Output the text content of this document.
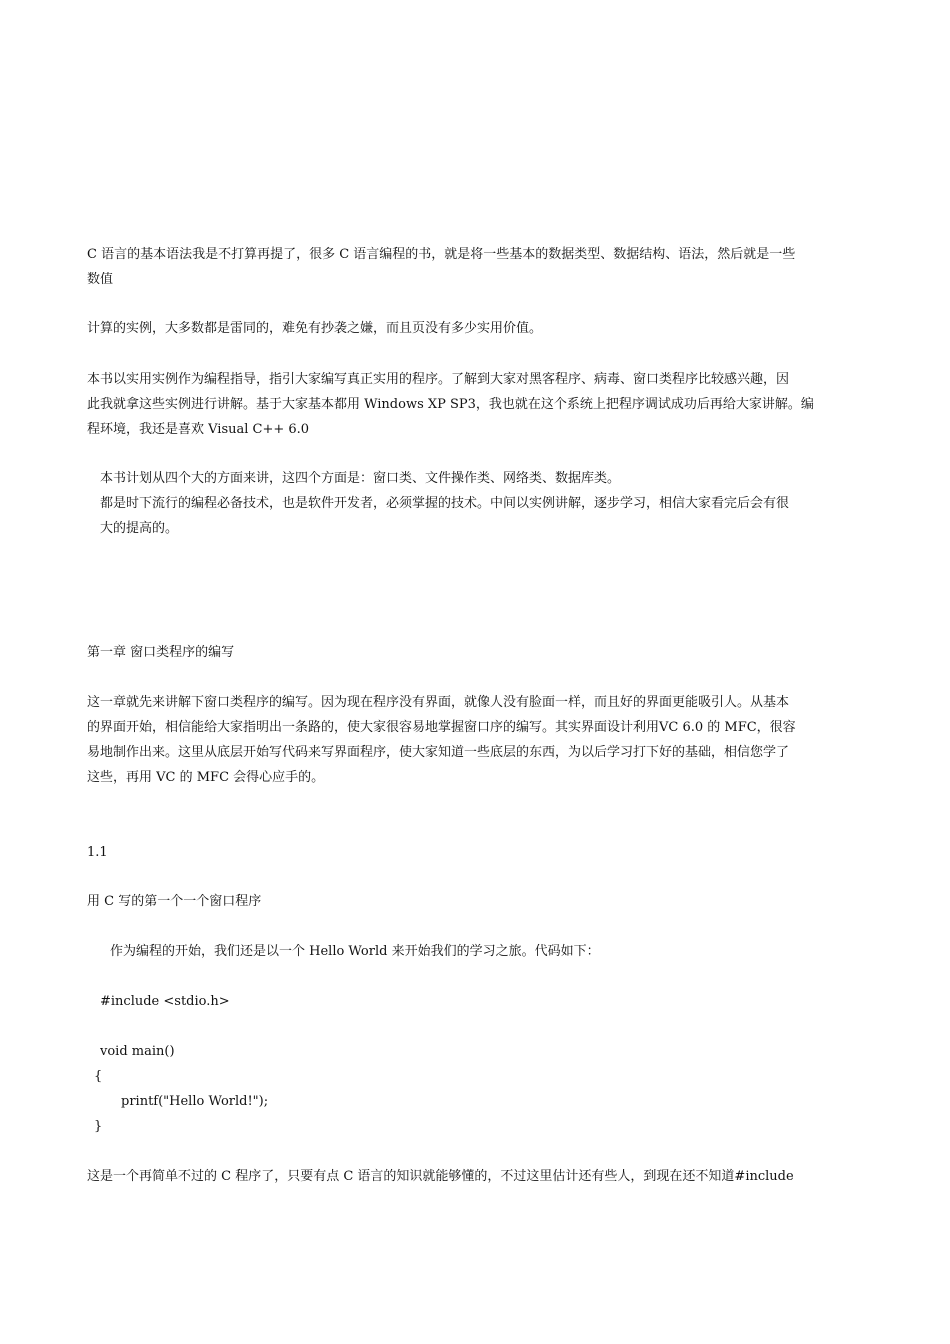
C 语言的基本语法我是不打算再提了，很多 C 语言编程的书，就是将一些基本的数据类型、数据结构、语法，然后就是一些
数值
计算的实例，大多数都是雷同的，难免有抄袭之嫌，而且页没有多少实用价值。
本书以实用实例作为编程指导，指引大家编写真正实用的程序。了解到大家对黑客程序、病毒、窗口类程序比较感兴趣，因
此我就拿这些实例进行讲解。基于大家基本都用 Windows XP SP3，我也就在这个系统上把程序调试成功后再给大家讲解。编
程环境，我还是喜欢 Visual C++ 6.0
本书计划从四个大的方面来讲，这四个方面是：窗口类、文件操作类、网络类、数据库类。
都是时下流行的编程必备技术，也是软件开发者，必须掌握的技术。中间以实例讲解，逐步学习，相信大家看完后会有很
大的提高的。
第一章 窗口类程序的编写
这一章就先来讲解下窗口类程序的编写。因为现在程序没有界面，就像人没有脸面一样，而且好的界面更能吸引人。从基本
的界面开始，相信能给大家指明出一条路的，使大家很容易地掌握窗口序的编写。其实界面设计利用VC 6.0 的 MFC，很容
易地制作出来。这里从底层开始写代码来写界面程序，使大家知道一些底层的东西，为以后学习打下好的基础，相信您学了
这些，再用 VC 的 MFC 会得心应手的。
1.1
用 C 写的第一个一个窗口程序
作为编程的开始，我们还是以一个 Hello World 来开始我们的学习之旅。代码如下：
#include <stdio.h>
void main()
{
printf("Hello World!");
}
这是一个再简单不过的 C 程序了，只要有点 C 语言的知识就能够懂的，不过这里估计还有些人，到现在还不知道#include
